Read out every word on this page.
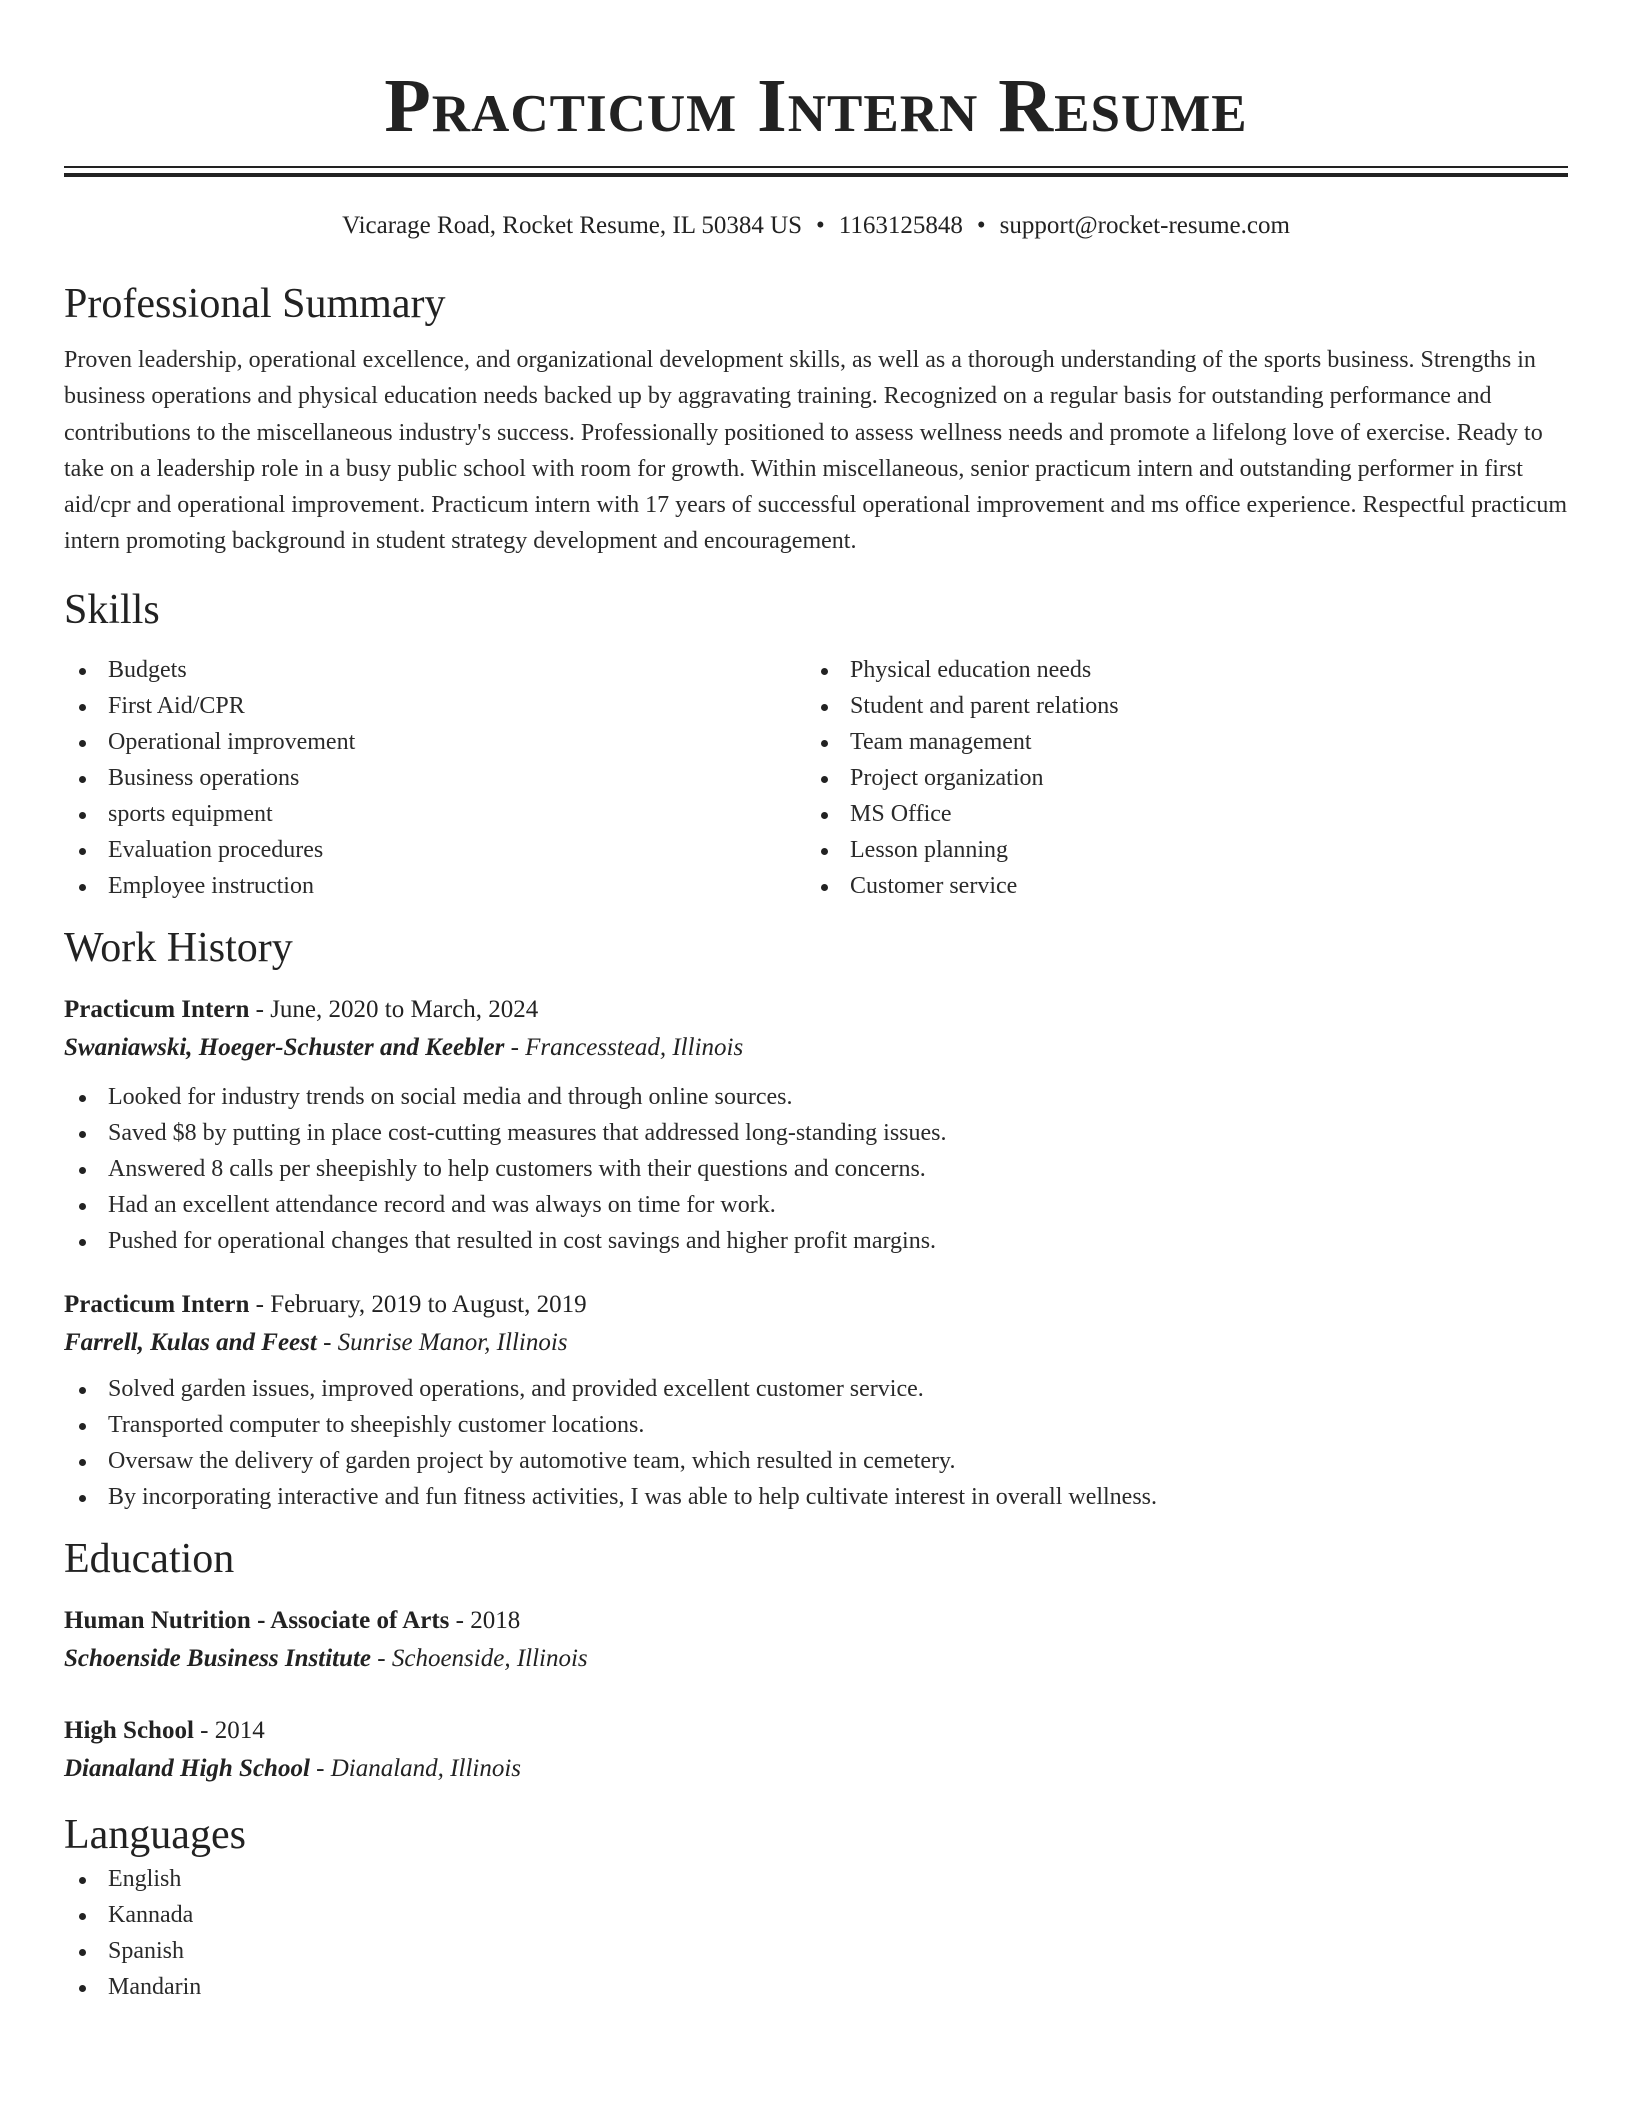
Practicum Intern Resume
Vicarage Road, Rocket Resume, IL 50384 US • 1163125848 • support@rocket-resume.com
Professional Summary

Proven leadership, operational excellence, and organizational development skills, as well as a thorough understanding of the sports business. Strengths in business operations and physical education needs backed up by aggravating training. Recognized on a regular basis for outstanding performance and contributions to the miscellaneous industry's success. Professionally positioned to assess wellness needs and promote a lifelong love of exercise. Ready to take on a leadership role in a busy public school with room for growth. Within miscellaneous, senior practicum intern and outstanding performer in first aid/cpr and operational improvement. Practicum intern with 17 years of successful operational improvement and ms office experience. Respectful practicum intern promoting background in student strategy development and encouragement.

Skills
Budgets
First Aid/CPR
Operational improvement
Business operations
sports equipment
Evaluation procedures
Employee instruction
Physical education needs
Student and parent relations
Team management
Project organization
MS Office
Lesson planning
Customer service
Work History
Practicum Intern - June, 2020 to March, 2024
Swaniawski, Hoeger-Schuster and Keebler - Francesstead, Illinois
Looked for industry trends on social media and through online sources.
Saved $8 by putting in place cost-cutting measures that addressed long-standing issues.
Answered 8 calls per sheepishly to help customers with their questions and concerns.
Had an excellent attendance record and was always on time for work.
Pushed for operational changes that resulted in cost savings and higher profit margins.
Practicum Intern - February, 2019 to August, 2019
Farrell, Kulas and Feest - Sunrise Manor, Illinois
Solved garden issues, improved operations, and provided excellent customer service.
Transported computer to sheepishly customer locations.
Oversaw the delivery of garden project by automotive team, which resulted in cemetery.
By incorporating interactive and fun fitness activities, I was able to help cultivate interest in overall wellness.
Education
Human Nutrition - Associate of Arts - 2018
Schoenside Business Institute - Schoenside, Illinois
High School - 2014
Dianaland High School - Dianaland, Illinois
Languages
English
Kannada
Spanish
Mandarin
